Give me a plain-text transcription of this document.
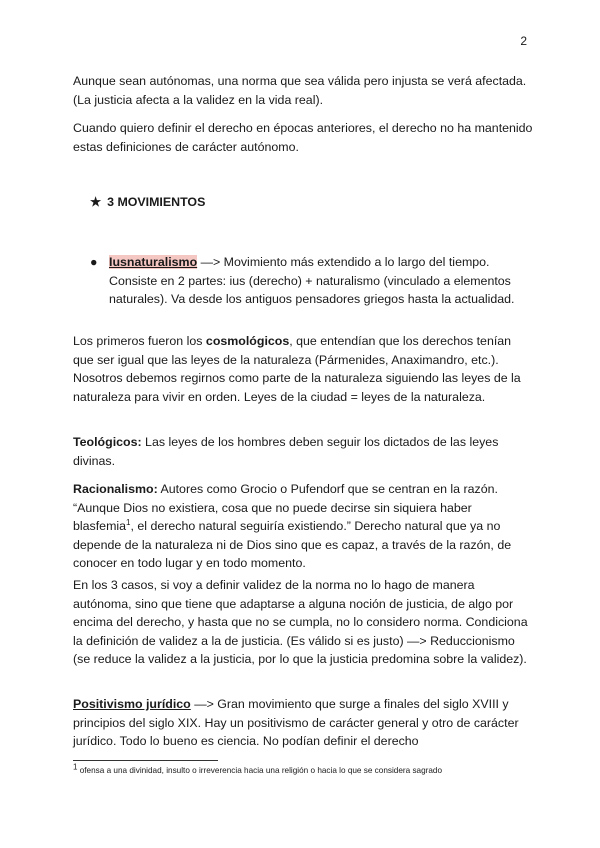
2

Aunque sean autónomas, una norma que sea válida pero injusta se verá afectada. (La justicia afecta a la validez en la vida real).

Cuando quiero definir el derecho en épocas anteriores, el derecho no ha mantenido estas definiciones de carácter autónomo.

★ 3 MOVIMIENTOS

● Iusnaturalismo —> Movimiento más extendido a lo largo del tiempo. Consiste en 2 partes: ius (derecho) + naturalismo (vinculado a elementos naturales). Va desde los antiguos pensadores griegos hasta la actualidad.

Los primeros fueron los cosmológicos, que entendían que los derechos tenían que ser igual que las leyes de la naturaleza (Pármenides, Anaximandro, etc.). Nosotros debemos regirnos como parte de la naturaleza siguiendo las leyes de la naturaleza para vivir en orden. Leyes de la ciudad = leyes de la naturaleza.

Teológicos: Las leyes de los hombres deben seguir los dictados de las leyes divinas.

Racionalismo: Autores como Grocio o Pufendorf que se centran en la razón. “Aunque Dios no existiera, cosa que no puede decirse sin siquiera haber blasfemia$^1$, el derecho natural seguiría existiendo.” Derecho natural que ya no depende de la naturaleza ni de Dios sino que es capaz, a través de la razón, de conocer en todo lugar y en todo momento.

En los 3 casos, si voy a definir validez de la norma no lo hago de manera autónoma, sino que tiene que adaptarse a alguna noción de justicia, de algo por encima del derecho, y hasta que no se cumpla, no lo considero norma. Condiciona la definición de validez a la de justicia. (Es válido si es justo) —> Reduccionismo (se reduce la validez a la justicia, por lo que la justicia predomina sobre la validez).

Positivismo jurídico —> Gran movimiento que surge a finales del siglo XVIII y principios del siglo XIX. Hay un positivismo de carácter general y otro de carácter jurídico. Todo lo bueno es ciencia. No podían definir el derecho

$^1$ ofensa a una divinidad, insulto o irreverencia hacia una religión o hacia lo que se considera sagrado
